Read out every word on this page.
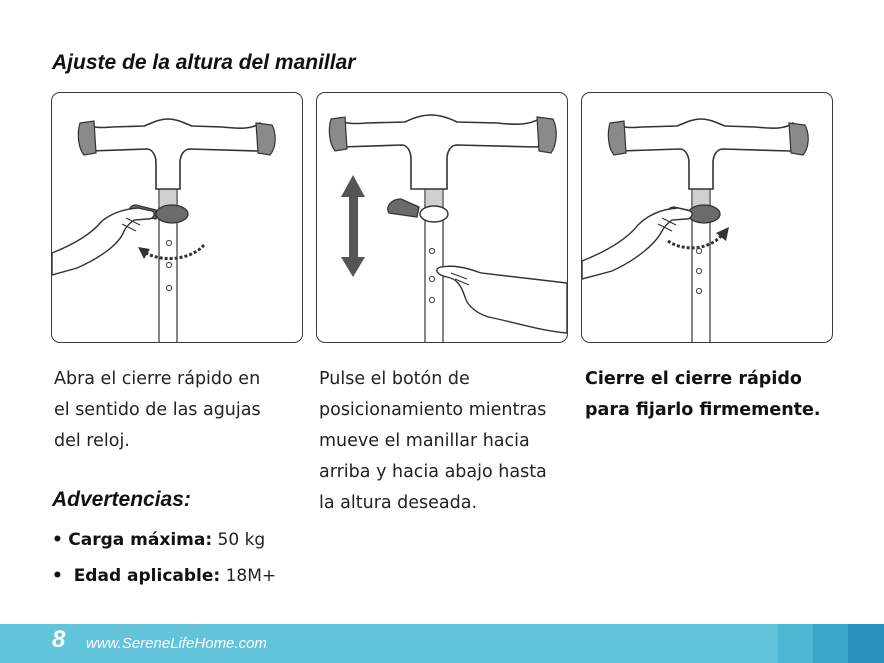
Ajuste de la altura del manillar
Abra el cierre rápido en
el sentido de las agujas
del reloj.
Pulse el botón de
posicionamiento mientras
mueve el manillar hacia
arriba y hacia abajo hasta
la altura deseada.
Cierre el cierre rápido
para fijarlo firmemente.
Advertencias:

• Carga máxima: 50 kg

• Edad aplicable: 18M+

8 www.SereneLifeHome.com
